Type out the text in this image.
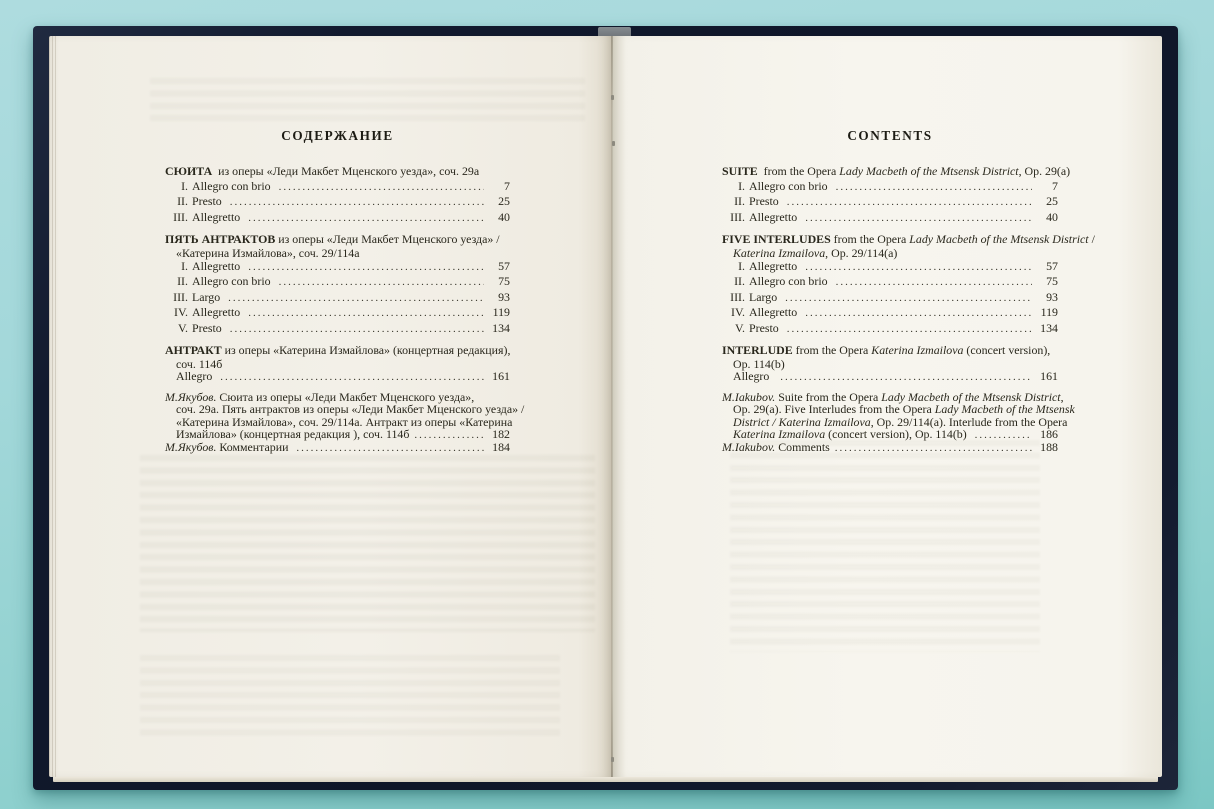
СОДЕРЖАНИЕ
СЮИТА  из оперы «Леди Макбет Мценского уезда», соч. 29а
I. Allegro con brio .....	7
II. Presto .....	25
III. Allegretto .....	40
ПЯТЬ АНТРАКТОВ из оперы «Леди Макбет Мценского уезда» /
«Катерина Измайлова», соч. 29/114а
I. Allegretto .....	57
II. Allegro con brio .....	75
III. Largo .....	93
IV. Allegretto .....	119
V. Presto .....	134
АНТРАКТ из оперы «Катерина Измайлова» (концертная редакция),
соч. 114б
Allegro .....	161
М.Якубов. Сюита из оперы «Леди Макбет Мценского уезда»,
соч. 29а. Пять антрактов из оперы «Леди Макбет Мценского уезда» /
«Катерина Измайлова», соч. 29/114а. Антракт из оперы «Катерина
Измайлова» (концертная редакция ), соч. 114б .....	182
М.Якубов. Комментарии .....	184
CONTENTS
SUITE  from the Opera Lady Macbeth of the Mtsensk District, Op. 29(a)
I. Allegro con brio .....	7
II. Presto .....	25
III. Allegretto .....	40
FIVE INTERLUDES from the Opera Lady Macbeth of the Mtsensk District /
Katerina Izmailova, Op. 29/114(a)
I. Allegretto .....	57
II. Allegro con brio .....	75
III. Largo .....	93
IV. Allegretto .....	119
V. Presto .....	134
INTERLUDE from the Opera Katerina Izmailova (concert version),
Op. 114(b)
Allegro .....	161
M.Iakubov. Suite from the Opera Lady Macbeth of the Mtsensk District,
Op. 29(a). Five Interludes from the Opera Lady Macbeth of the Mtsensk
District / Katerina Izmailova, Op. 29/114(a). Interlude from the Opera
Katerina Izmailova (concert version), Op. 114(b) .....	186
M.Iakubov. Comments .....	188
